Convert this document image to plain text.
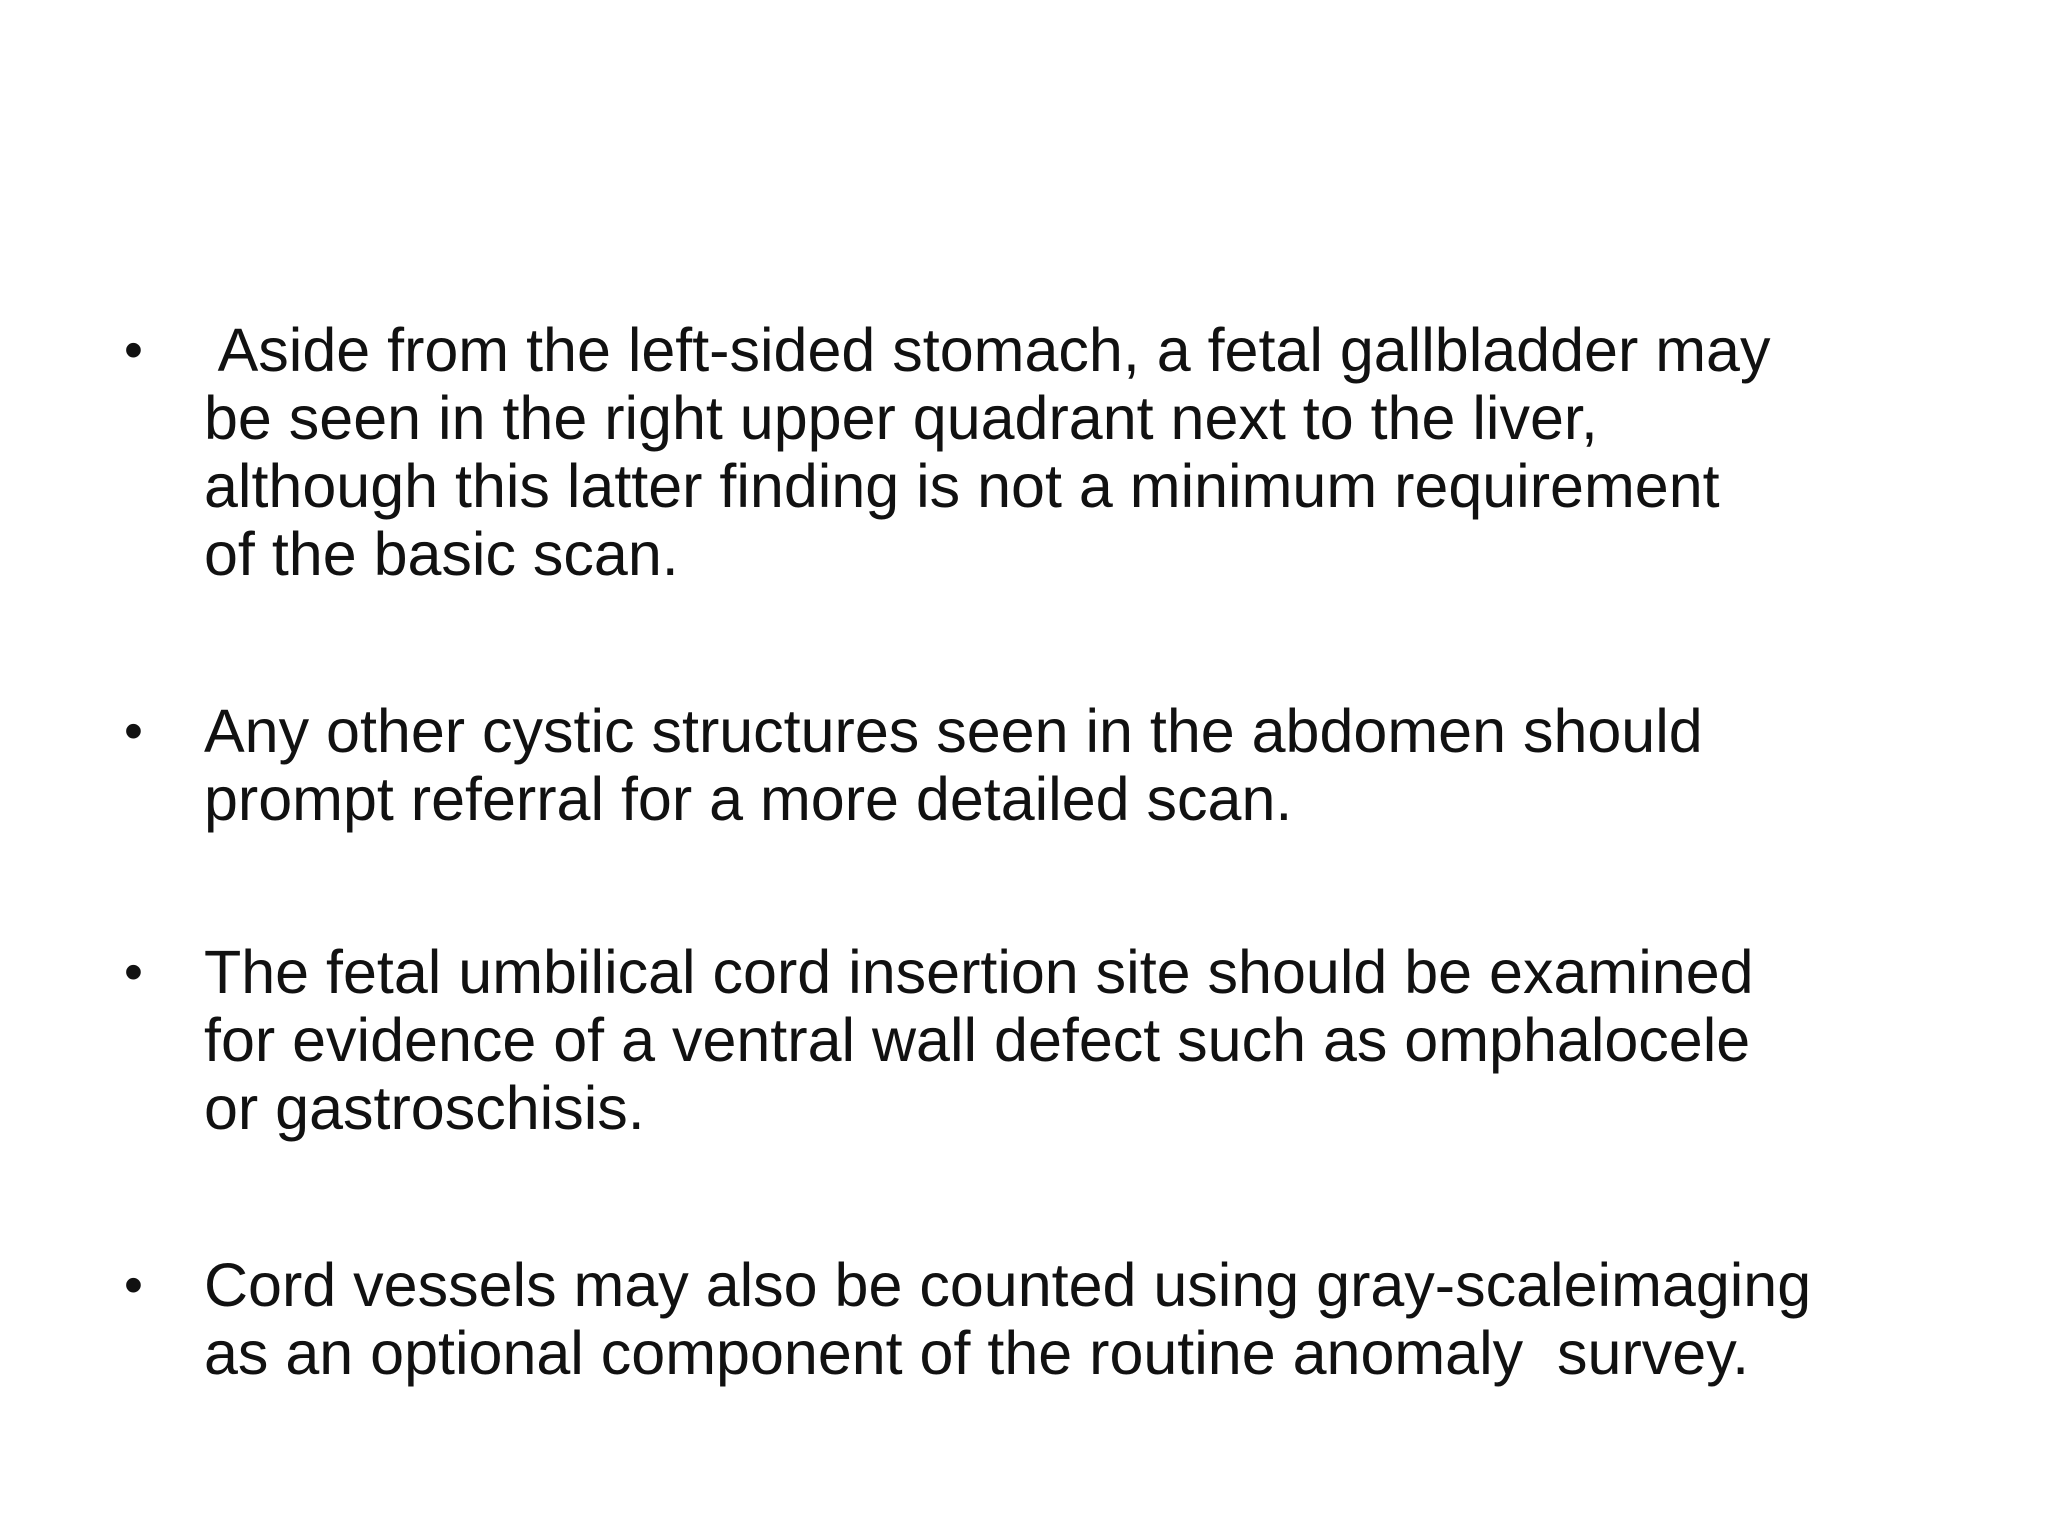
•	Aside from the left-sided stomach, a fetal gallbladder may
be seen in the right upper quadrant next to the liver,
although this latter finding is not a minimum requirement
of the basic scan.
•	Any other cystic structures seen in the abdomen should
prompt referral for a more detailed scan.
•	The fetal umbilical cord insertion site should be examined
for evidence of a ventral wall defect such as omphalocele
or gastroschisis.
•	Cord vessels may also be counted using gray-scaleimaging
as an optional component of the routine anomaly  survey.
